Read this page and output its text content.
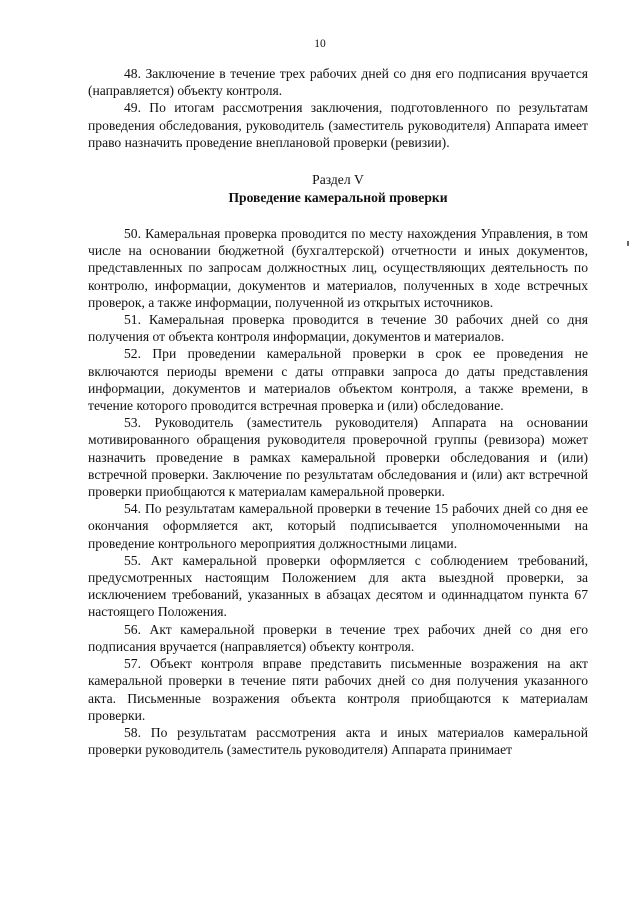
10

48. Заключение в течение трех рабочих дней со дня его подписания вручается (направляется) объекту контроля.

49. По итогам рассмотрения заключения, подготовленного по результатам проведения обследования, руководитель (заместитель руководителя) Аппарата имеет право назначить проведение внеплановой проверки (ревизии).

Раздел V

Проведение камеральной проверки

50. Камеральная проверка проводится по месту нахождения Управления, в том числе на основании бюджетной (бухгалтерской) отчетности и иных документов, представленных по запросам должностных лиц, осуществляющих деятельность по контролю, информации, документов и материалов, полученных в ходе встречных проверок, а также информации, полученной из открытых источников.

51. Камеральная проверка проводится в течение 30 рабочих дней со дня получения от объекта контроля информации, документов и материалов.

52. При проведении камеральной проверки в срок ее проведения не включаются периоды времени с даты отправки запроса до даты представления информации, документов и материалов объектом контроля, а также времени, в течение которого проводится встречная проверка и (или) обследование.

53. Руководитель (заместитель руководителя) Аппарата на основании мотивированного обращения руководителя проверочной группы (ревизора) может назначить проведение в рамках камеральной проверки обследования и (или) встречной проверки. Заключение по результатам обследования и (или) акт встречной проверки приобщаются к материалам камеральной проверки.

54. По результатам камеральной проверки в течение 15 рабочих дней со дня ее окончания оформляется акт, который подписывается уполномоченными на проведение контрольного мероприятия должностными лицами.

55. Акт камеральной проверки оформляется с соблюдением требований, предусмотренных настоящим Положением для акта выездной проверки, за исключением требований, указанных в абзацах десятом и одиннадцатом пункта 67 настоящего Положения.

56. Акт камеральной проверки в течение трех рабочих дней со дня его подписания вручается (направляется) объекту контроля.

57. Объект контроля вправе представить письменные возражения на акт камеральной проверки в течение пяти рабочих дней со дня получения указанного акта. Письменные возражения объекта контроля приобщаются к материалам проверки.

58. По результатам рассмотрения акта и иных материалов камеральной проверки руководитель (заместитель руководителя) Аппарата принимает
